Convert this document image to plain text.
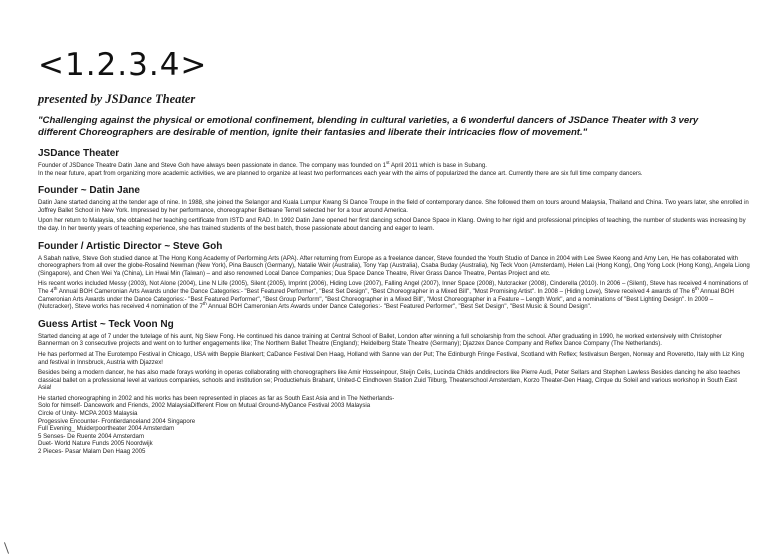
<1.2.3.4>
presented by JSDance Theater
"Challenging against the physical or emotional confinement, blending in cultural varieties, a 6 wonderful dancers of JSDance Theater with 3 very different Choreographers are desirable of mention, ignite their fantasies and liberate their intricacies flow of movement."
JSDance Theater

Founder of JSDance Theatre Datin Jane and Steve Goh have always been passionate in dance. The company was founded on 1st April 2011 which is base in Subang.

In the near future, apart from organizing more academic activities, we are planned to organize at least two performances each year with the aims of popularized the dance art. Currently there are six full time company dancers.

Founder ~ Datin Jane

Datin Jane started dancing at the tender age of nine. In 1988, she joined the Selangor and Kuala Lumpur Kwang Si Dance Troupe in the field of contemporary dance. She followed them on tours around Malaysia, Thailand and China. Two years later, she enrolled in Joffrey Ballet School in New York. Impressed by her performance, choreographer Betteane Terrell selected her for a tour around America.

Upon her return to Malaysia, she obtained her teaching certificate from ISTD and RAD. In 1992 Datin Jane opened her first dancing school Dance Space in Klang. Owing to her rigid and professional principles of teaching, the number of students was increasing by the day. In her twenty years of teaching experience, she has trained students of the best batch, those passionate about dancing and eager to learn.

Founder / Artistic Director ~ Steve Goh

A Sabah native, Steve Goh studied dance at The Hong Kong Academy of Performing Arts (APA). After returning from Europe as a freelance dancer, Steve founded the Youth Studio of Dance in 2004 with Lee Swee Keong and Amy Len, He has collaborated with choreographers from all over the globe-Rosalind Newman (New York), Pina Bausch (Germany), Natalie Weir (Australia), Tony Yap (Australia), Csaba Buday (Australia), Ng Teck Voon (Amsterdam), Helen Lai (Hong Kong), Ong Yong Lock (Hong Kong), Angela Liong (Singapore), and Chen Wei Ya (China), Lin Hwai Min (Taiwan) – and also renowned Local Dance Companies; Dua Space Dance Theatre, River Grass Dance Theatre, Pentas Project and etc.

His recent works included Messy (2003), Not Alone (2004), Line N Life (2005), Silent (2005), Imprint (2006), Hiding Love (2007), Falling Angel (2007), Inner Space (2008), Nutcracker (2008), Cinderella (2010). In 2006 – (Silent), Steve has received 4 nominations of The 4th Annual BOH Cameronian Arts Awards under the Dance Categories:- "Best Featured Performer", "Best Set Design", "Best Choreographer in a Mixed Bill", "Most Promising Artist". In 2008 – (Hiding Love), Steve received 4 awards of The 6th Annual BOH Cameronian Arts Awards under the Dance Categories:- "Best Featured Performer", "Best Group Perform", "Best Choreographer in a Mixed Bill", "Most Choreographer in a Feature – Length Work", and a nominations of "Best Lighting Design". In 2009 – (Nutcracker), Steve works has received 4 nomination of the 7th Annual BOH Cameronian Arts Awards under Dance Categories:- "Best Featured Performer", "Best Set Design", "Best Music & Sound Design".

Guess Artist ~ Teck Voon Ng

Started dancing at age of 7 under the tutelage of his aunt, Ng Siew Fong. He continued his dance training at Central School of Ballet, London after winning a full scholarship from the school. After graduating in 1990, he worked extensively with Christopher Bannerman on 3 consecutive projects and went on to further engagements like; The Northern Ballet Theatre (England); Heidelberg State Theatre (Germany); Djazzex Dance Company and Reflex Dance Company (The Netherlands).

He has performed at The Eurotempo Festival in Chicago, USA with Beppie Blankert; CaDance Festival Den Haag, Holland with Sanne van der Put; The Edinburgh Fringe Festival, Scotland with Reflex; festivalsun Bergen, Norway and Roveretto, Italy with Liz King and festival in Innsbruck, Austria with Djazzex!

Besides being a modern dancer, he has also made forays working in operas collaborating with choreographers like Amir Hosseinpour, Steijn Celis, Lucinda Childs anddirectors like Pierre Audi, Peter Sellars and Stephen Lawless Besides dancing he also teaches classical ballet on a professional level at various companies, schools and institution se; Productiehuis Brabant, United-C Eindhoven Station Zuid Tilburg, Theaterschool Amsterdam, Korzo Theater-Den Haag, Cirque du Soleil and various workshop in South East Asia!

He started choreographing in 2002 and his works has been represented in places as far as South East Asia and in The Netherlands-

Solo for himself- Dancework and Friends, 2002 MalaysiaDifferent Flow on Mutual Ground-MyDance Festival 2003 Malaysia

Circle of Unity- MCPA 2003 Malaysia

Progessive Encounter- Frontierdanceland 2004 Singapore

Full Evening_ Muiderpoortheater 2004 Amsterdam

5 Senses- De Ruente 2004 Amsterdam

Duet- World Nature Funds 2005 Noordwijk

2 Pieces- Pasar Malam Den Haag 2005
